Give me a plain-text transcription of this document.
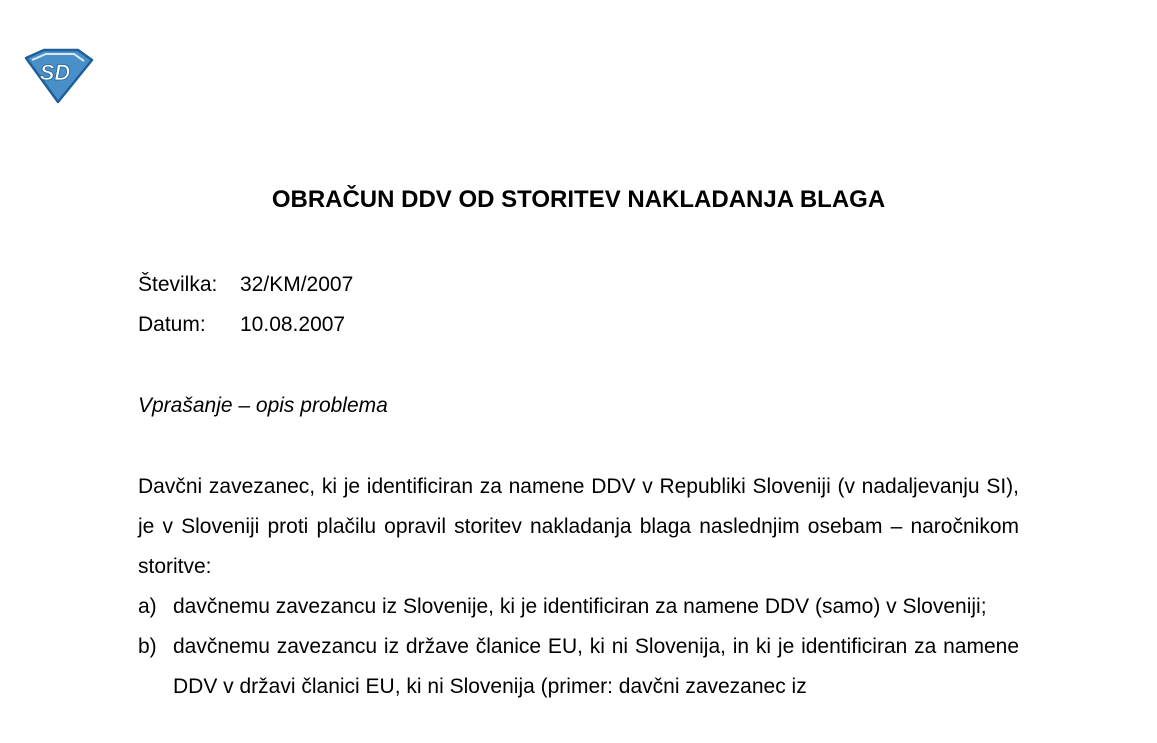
SD
OBRAČUN DDV OD STORITEV NAKLADANJA BLAGA
Številka: 32/KM/2007
Datum: 10.08.2007

Vprašanje – opis problema

Davčni zavezanec, ki je identificiran za namene DDV v Republiki Sloveniji (v nadaljevanju SI), je v Sloveniji proti plačilu opravil storitev nakladanja blaga naslednjim osebam – naročnikom storitve:

a) davčnemu zavezancu iz Slovenije, ki je identificiran za namene DDV (samo) v Sloveniji;
b) davčnemu zavezancu iz države članice EU, ki ni Slovenija, in ki je identificiran za namene DDV v državi članici EU, ki ni Slovenija (primer: davčni zavezanec iz
